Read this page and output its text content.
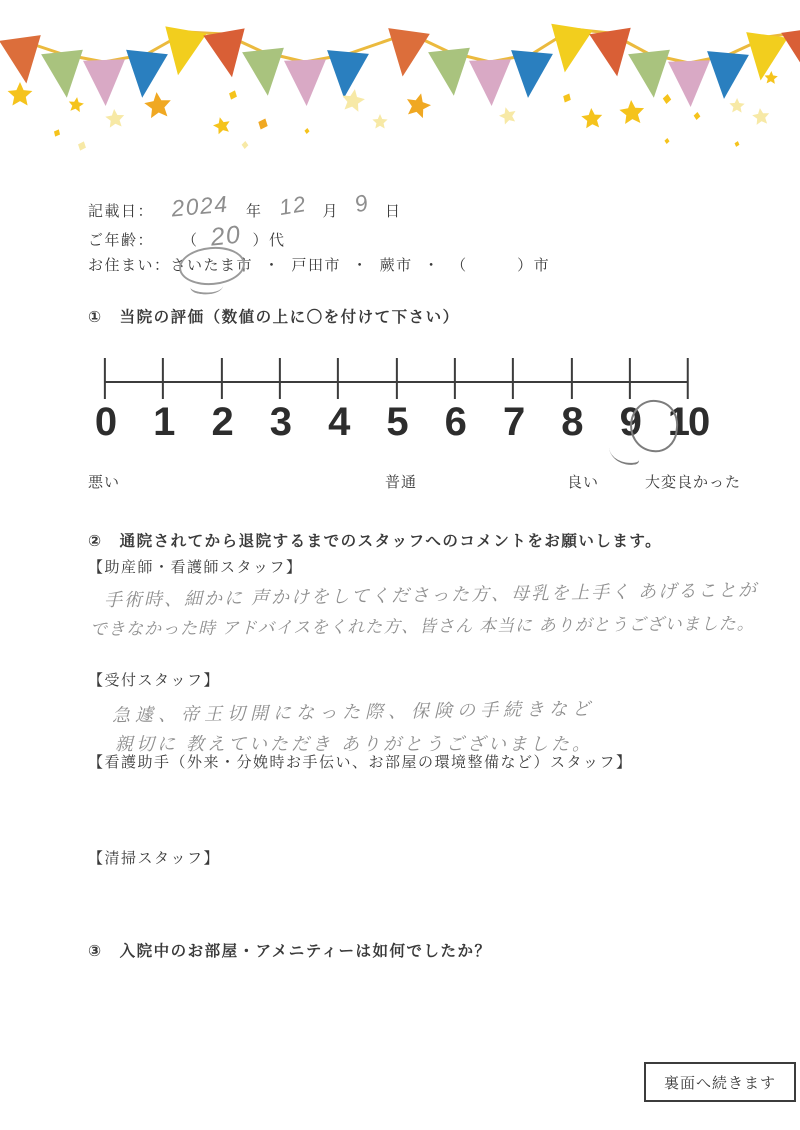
記載日： 2024	年 12 月 9 日
ご年齢： （ 20 ） 代
お住まい： さいたま市 ・ 戸田市 ・ 蕨市 ・ （　　　）市
①　当院の評価（数値の上に〇を付けて下さい）
0 1 2 3 4 5 6 7 8 9 10
悪い	普通	良い	大変良かった
②　通院されてから退院するまでのスタッフへのコメントをお願いします。
【助産師・看護師スタッフ】
手術時、細かに 声かけをしてくださった方、母乳を上手く あげることが
できなかった時 アドバイスをくれた方、皆さん 本当に ありがとうございました。
【受付スタッフ】
急遽、帝王切開になった際、保険の手続きなど
親切に 教えていただき ありがとうございました。
【看護助手（外来・分娩時お手伝い、お部屋の環境整備など）スタッフ】
【清掃スタッフ】
③　入院中のお部屋・アメニティーは如何でしたか？
裏面へ続きます
